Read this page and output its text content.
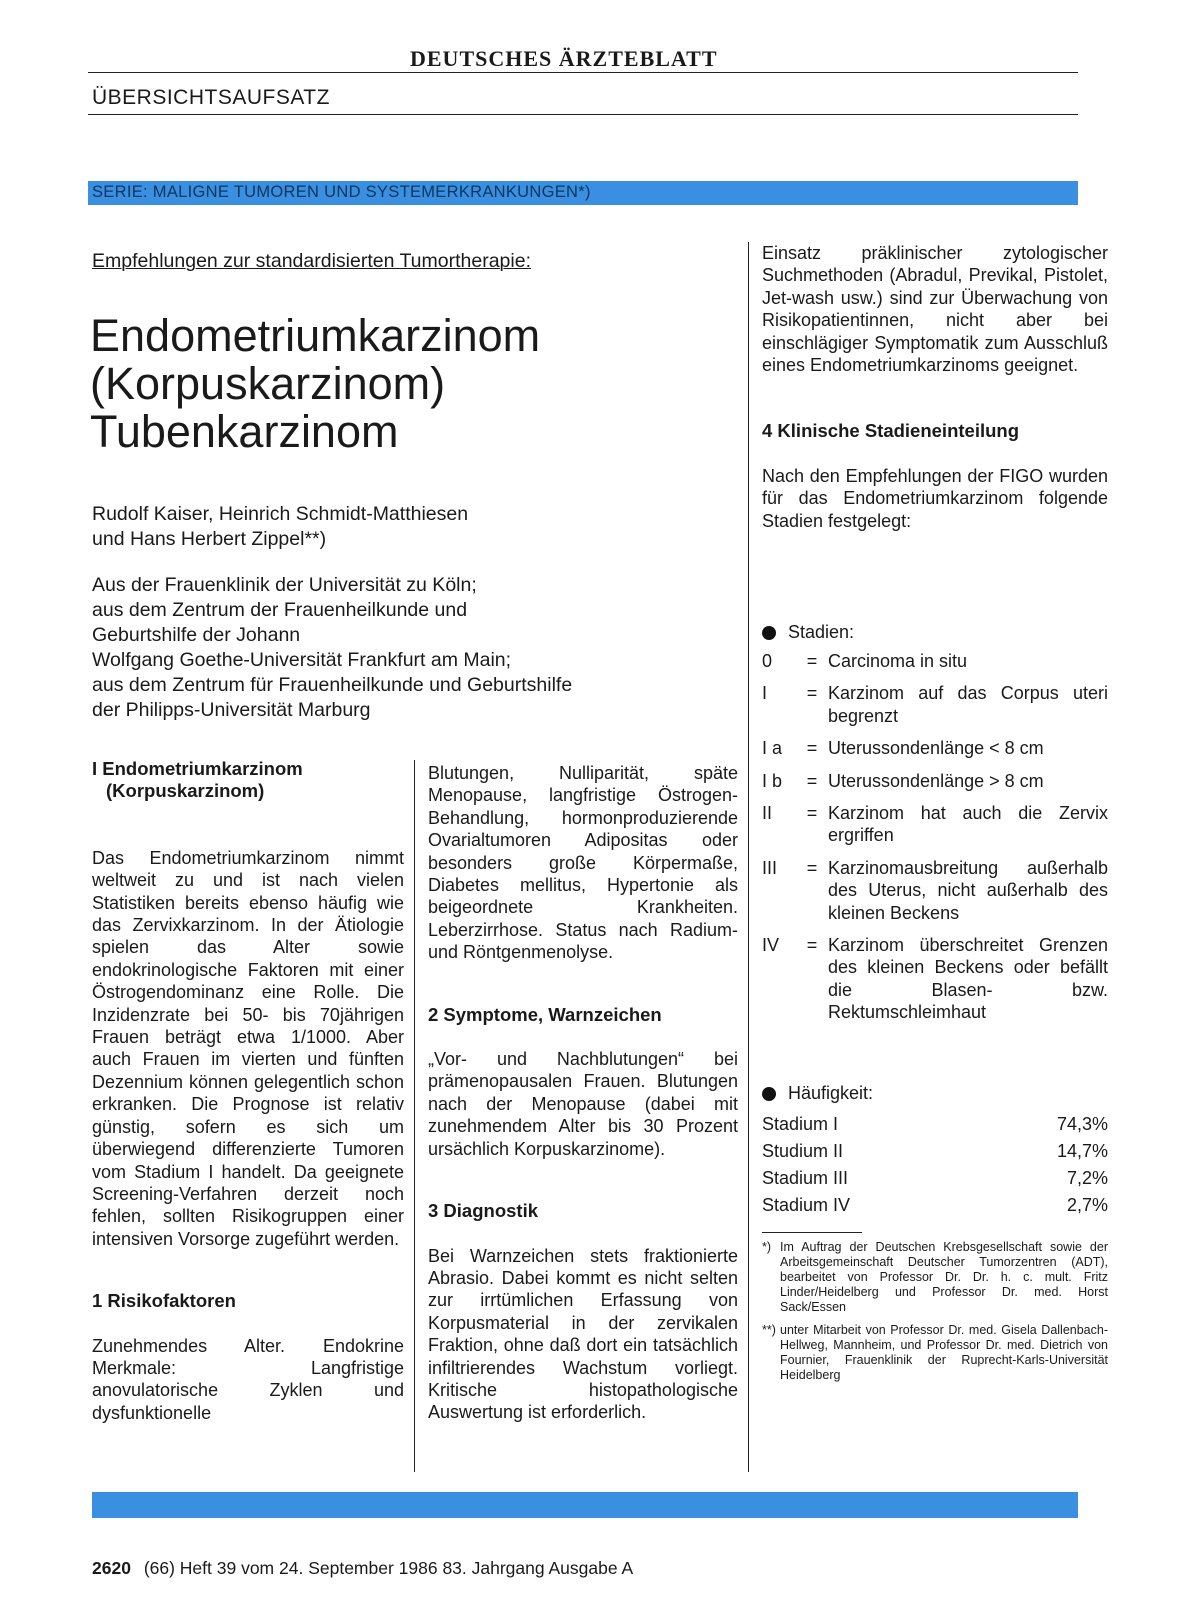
DEUTSCHES ÄRZTEBLATT
ÜBERSICHTSAUFSATZ
SERIE: MALIGNE TUMOREN UND SYSTEMERKRANKUNGEN*)
Empfehlungen zur standardisierten Tumortherapie:
Endometriumkarzinom
(Korpuskarzinom)
Tubenkarzinom
Rudolf Kaiser, Heinrich Schmidt-Matthiesen
und Hans Herbert Zippel**)
Aus der Frauenklinik der Universität zu Köln;
aus dem Zentrum der Frauenheilkunde und
Geburtshilfe der Johann
Wolfgang Goethe-Universität Frankfurt am Main;
aus dem Zentrum für Frauenheilkunde und Geburtshilfe
der Philipps-Universität Marburg

I Endometriumkarzinom

(Korpuskarzinom)

Das Endometriumkarzinom nimmt weltweit zu und ist nach vielen Statistiken bereits ebenso häufig wie das Zervixkarzinom. In der Ätiologie spielen das Alter sowie endokrinologische Faktoren mit einer Östrogendominanz eine Rolle. Die Inzidenzrate bei 50- bis 70jährigen Frauen beträgt etwa 1/1000. Aber auch Frauen im vierten und fünften Dezennium können gelegentlich schon erkranken. Die Prognose ist relativ günstig, sofern es sich um überwiegend differenzierte Tumoren vom Stadium I handelt. Da geeignete Screening-Verfahren derzeit noch fehlen, sollten Risikogruppen einer intensiven Vorsorge zugeführt werden.

1 Risikofaktoren

Zunehmendes Alter. Endokrine Merkmale: Langfristige anovulatorische Zyklen und dysfunktionelle

Blutungen, Nulliparität, späte Menopause, langfristige Östrogen-Behandlung, hormonproduzierende Ovarialtumoren Adipositas oder besonders große Körpermaße, Diabetes mellitus, Hypertonie als beigeordnete Krankheiten. Leberzirrhose. Status nach Radium- und Röntgenmenolyse.

2 Symptome, Warnzeichen

„Vor- und Nachblutungen“ bei prämenopausalen Frauen. Blutungen nach der Menopause (dabei mit zunehmendem Alter bis 30 Prozent ursächlich Korpuskarzinome).

3 Diagnostik

Bei Warnzeichen stets fraktionierte Abrasio. Dabei kommt es nicht selten zur irrtümlichen Erfassung von Korpusmaterial in der zervikalen Fraktion, ohne daß dort ein tatsächlich infiltrierendes Wachstum vorliegt. Kritische histopathologische Auswertung ist erforderlich.

Einsatz präklinischer zytologischer Suchmethoden (Abradul, Previkal, Pistolet, Jet-wash usw.) sind zur Überwachung von Risikopatientinnen, nicht aber bei einschlägiger Symptomatik zum Ausschluß eines Endometriumkarzinoms geeignet.

4 Klinische Stadieneinteilung

Nach den Empfehlungen der FIGO wurden für das Endometriumkarzinom folgende Stadien festgelegt:

Stadien:
0	= Carcinoma in situ
I	= Karzinom auf das Corpus uteri begrenzt
I a	= Uterussondenlänge < 8 cm
I b	= Uterussondenlänge > 8 cm
II	= Karzinom hat auch die Zervix ergriffen
III	= Karzinomausbreitung außerhalb des Uterus, nicht außerhalb des kleinen Beckens
IV	= Karzinom überschreitet Grenzen des kleinen Beckens oder befällt die Blasen- bzw. Rektumschleimhaut
Häufigkeit:
Stadium I	74,3%
Studium II	14,7%
Stadium III	7,2%
Stadium IV	2,7%
*) Im Auftrag der Deutschen Krebsgesellschaft sowie der Arbeitsgemeinschaft Deutscher Tumorzentren (ADT), bearbeitet von Professor Dr. Dr. h. c. mult. Fritz Linder/Heidelberg und Professor Dr. med. Horst Sack/Essen
**) unter Mitarbeit von Professor Dr. med. Gisela Dallenbach-Hellweg, Mannheim, und Professor Dr. med. Dietrich von Fournier, Frauenklinik der Ruprecht-Karls-Universität Heidelberg
2620 (66) Heft 39 vom 24. September 1986 83. Jahrgang Ausgabe A
